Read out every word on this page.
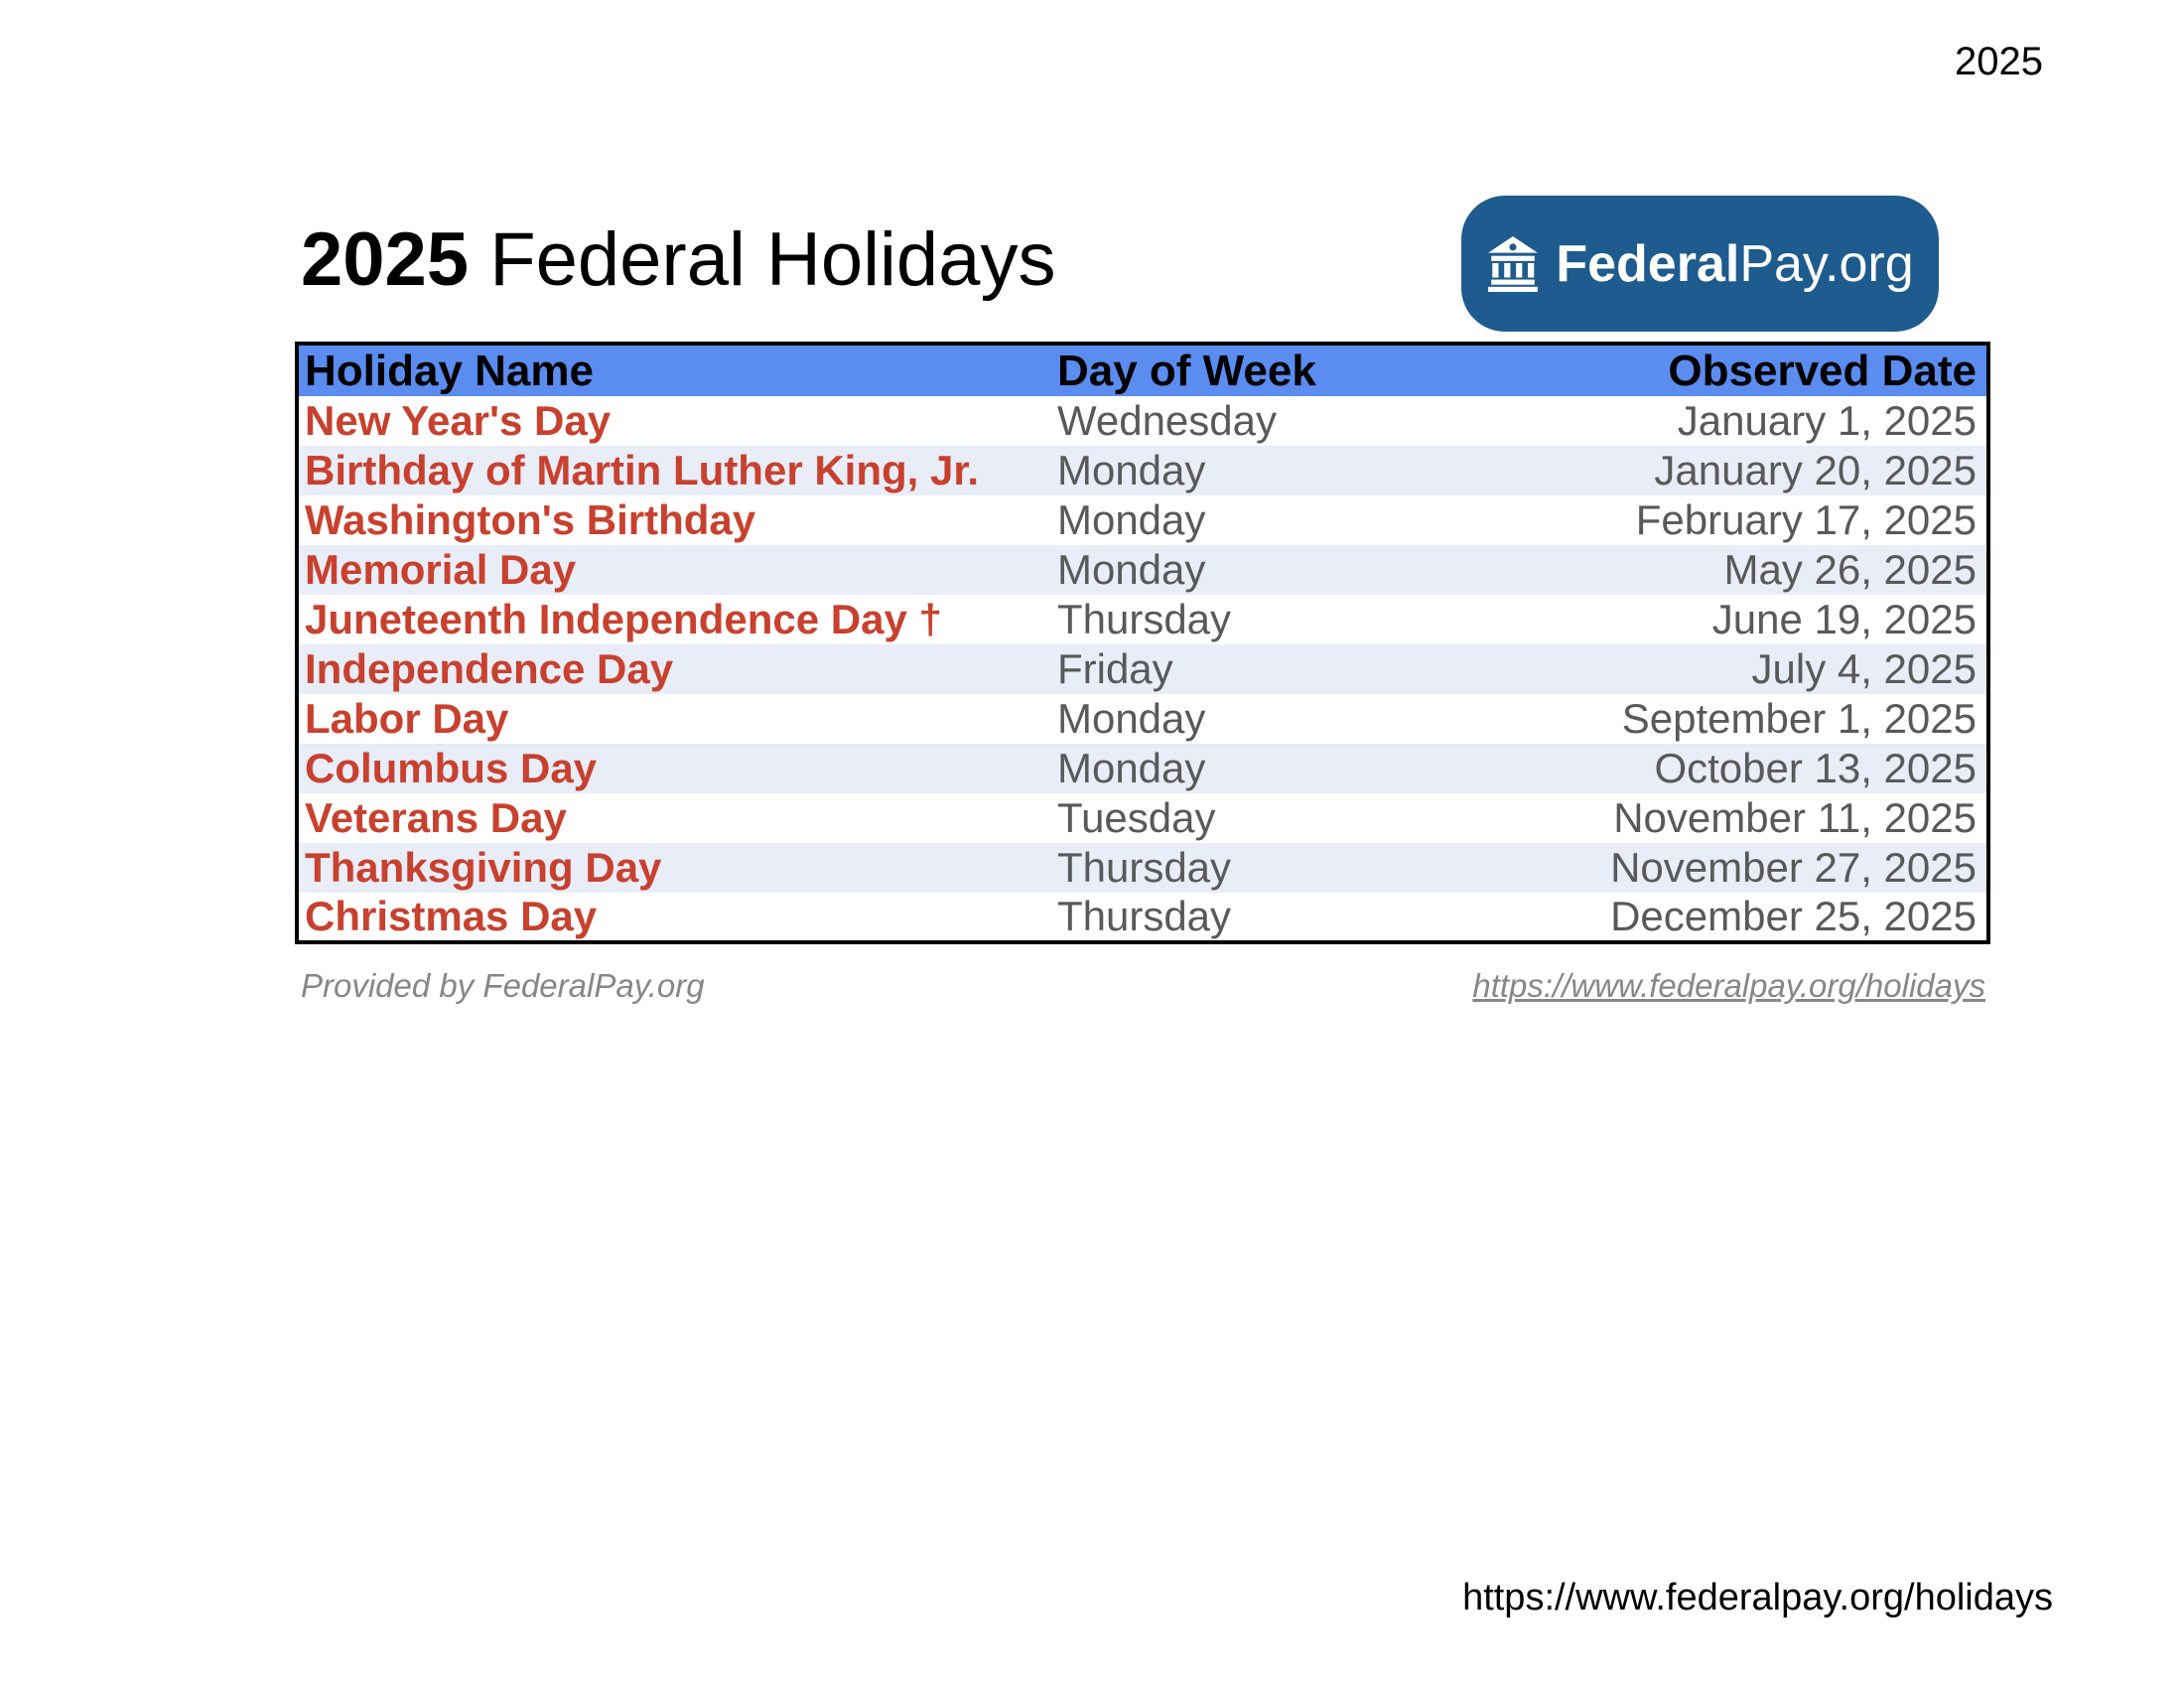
2025
2025 Federal Holidays	FederalPay.org
Holiday Name	Day of Week	Observed Date
New Year's Day	Wednesday	January 1, 2025
Birthday of Martin Luther King, Jr.	Monday	January 20, 2025
Washington's Birthday	Monday	February 17, 2025
Memorial Day	Monday	May 26, 2025
Juneteenth Independence Day †	Thursday	June 19, 2025
Independence Day	Friday	July 4, 2025
Labor Day	Monday	September 1, 2025
Columbus Day	Monday	October 13, 2025
Veterans Day	Tuesday	November 11, 2025
Thanksgiving Day	Thursday	November 27, 2025
Christmas Day	Thursday	December 25, 2025
Provided by FederalPay.org	https://www.federalpay.org/holidays
https://www.federalpay.org/holidays
